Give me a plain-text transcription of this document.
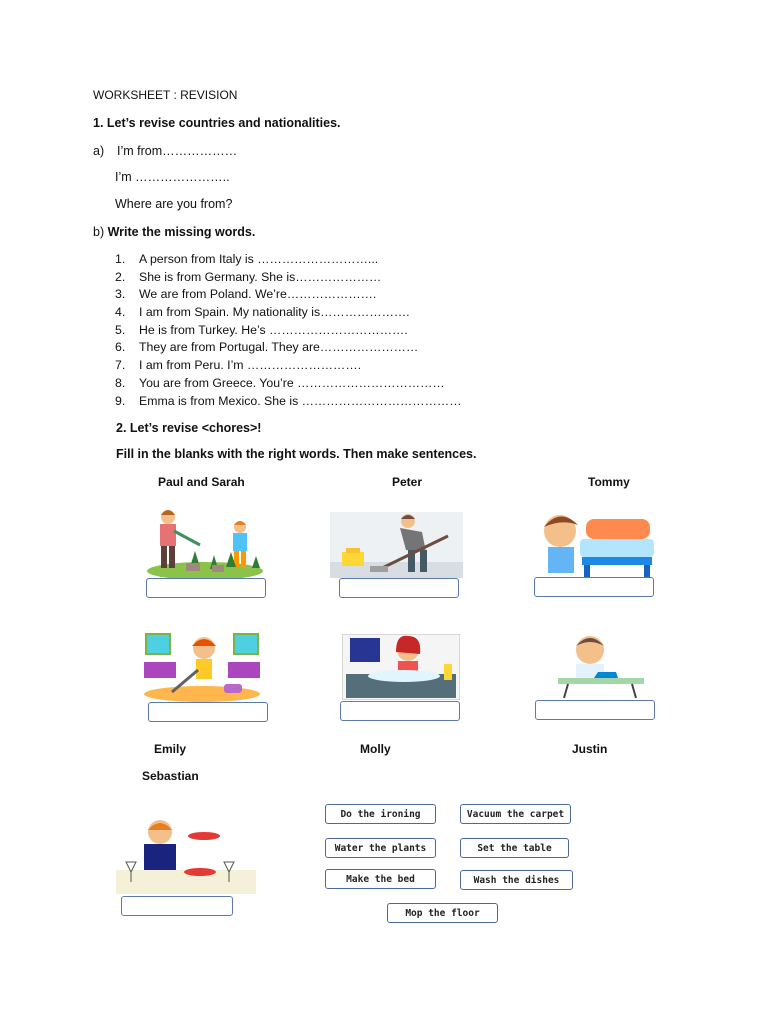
WORKSHEET : REVISION
1. Let’s revise countries and nationalities.
a) I’m from………………
I’m …………………..
Where are you from?
b) Write the missing words.
1. A person from Italy is ………………………...
2. She is from Germany. She is…………………
3. We are from Poland. We’re………………….
4. I am from Spain. My nationality is………………….
5. He is from Turkey. He’s …………………………….
6. They are from Portugal. They are……………………
7. I am from Peru. I’m ……………………….
8. You are from Greece. You’re ………………………………
9. Emma is from Mexico. She is …………………………………
2. Let’s revise <chores>!
Fill in the blanks with the right words. Then make sentences.
Paul and Sarah	Peter	Tommy
Emily	Molly	Justin
Sebastian
Do the ironing	Vacuum the carpet
Water the plants	Set the table
Make the bed	Wash the dishes
Mop the floor
